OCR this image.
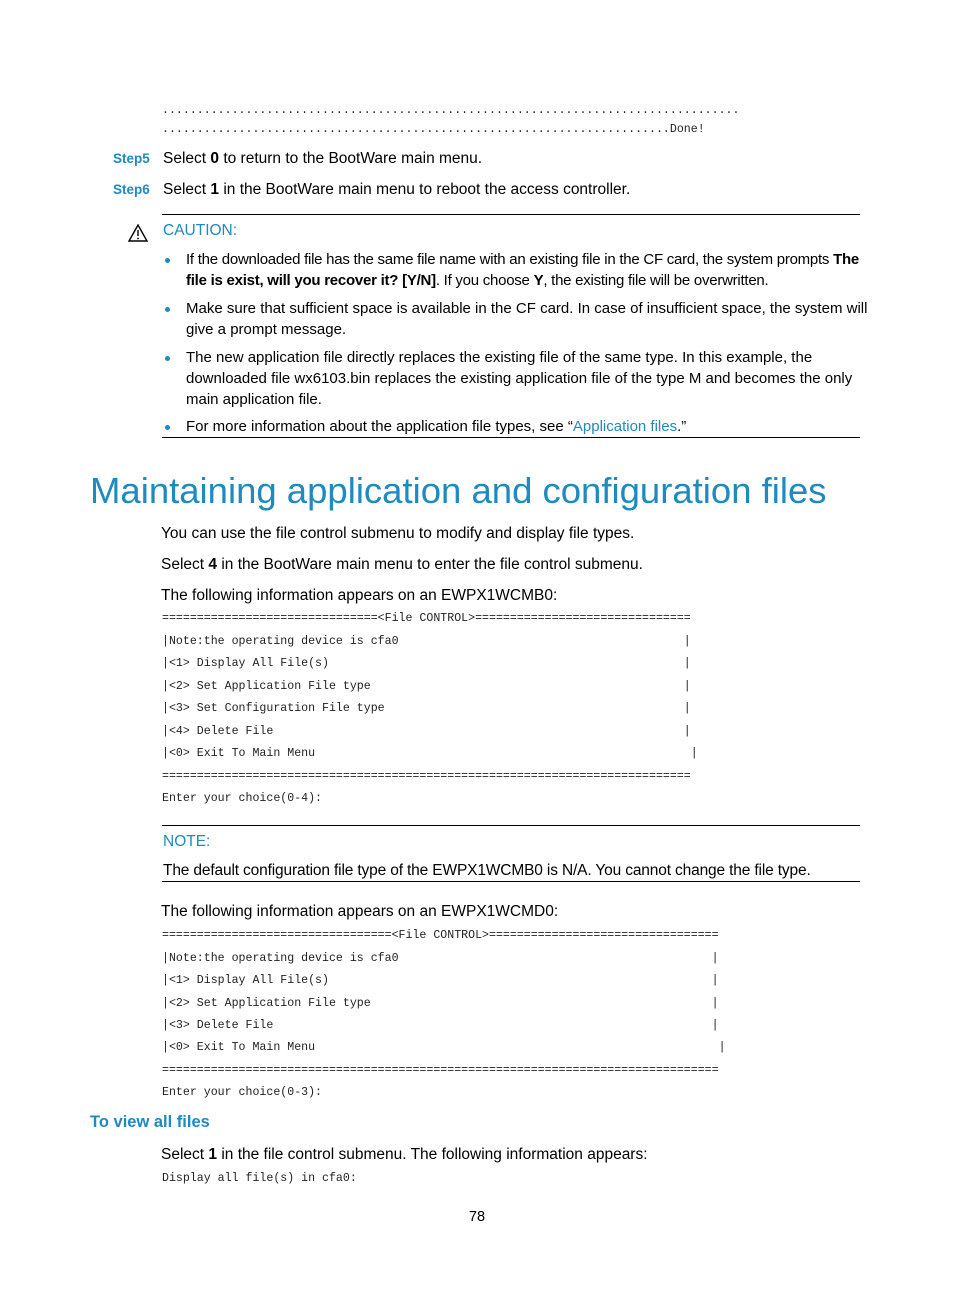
...................................................................................
.........................................................................Done!
Step5 Select 0 to return to the BootWare main menu.
Step6 Select 1 in the BootWare main menu to reboot the access controller.
CAUTION:
If the downloaded file has the same file name with an existing file in the CF card, the system prompts The
file is exist, will you recover it? [Y/N]. If you choose Y, the existing file will be overwritten.
Make sure that sufficient space is available in the CF card. In case of insufficient space, the system will
give a prompt message.
The new application file directly replaces the existing file of the same type. In this example, the
downloaded file wx6103.bin replaces the existing application file of the type M and becomes the only
main application file.
For more information about the application file types, see “Application files.”
Maintaining application and configuration files
You can use the file control submenu to modify and display file types.
Select 4 in the BootWare main menu to enter the file control submenu.
The following information appears on an EWPX1WCMB0:
===============================<File CONTROL>===============================
|Note:the operating device is cfa0                                         |
|<1> Display All File(s)                                                   |
|<2> Set Application File type                                             |
|<3> Set Configuration File type                                           |
|<4> Delete File                                                           |
|<0> Exit To Main Menu                                                      |
============================================================================
Enter your choice(0-4):
NOTE:
The default configuration file type of the EWPX1WCMB0 is N/A. You cannot change the file type.
The following information appears on an EWPX1WCMD0:
=================================<File CONTROL>=================================
|Note:the operating device is cfa0                                             |
|<1> Display All File(s)                                                       |
|<2> Set Application File type                                                 |
|<3> Delete File                                                               |
|<0> Exit To Main Menu                                                          |
================================================================================
Enter your choice(0-3):
To view all files
Select 1 in the file control submenu. The following information appears:
Display all file(s) in cfa0:
78
